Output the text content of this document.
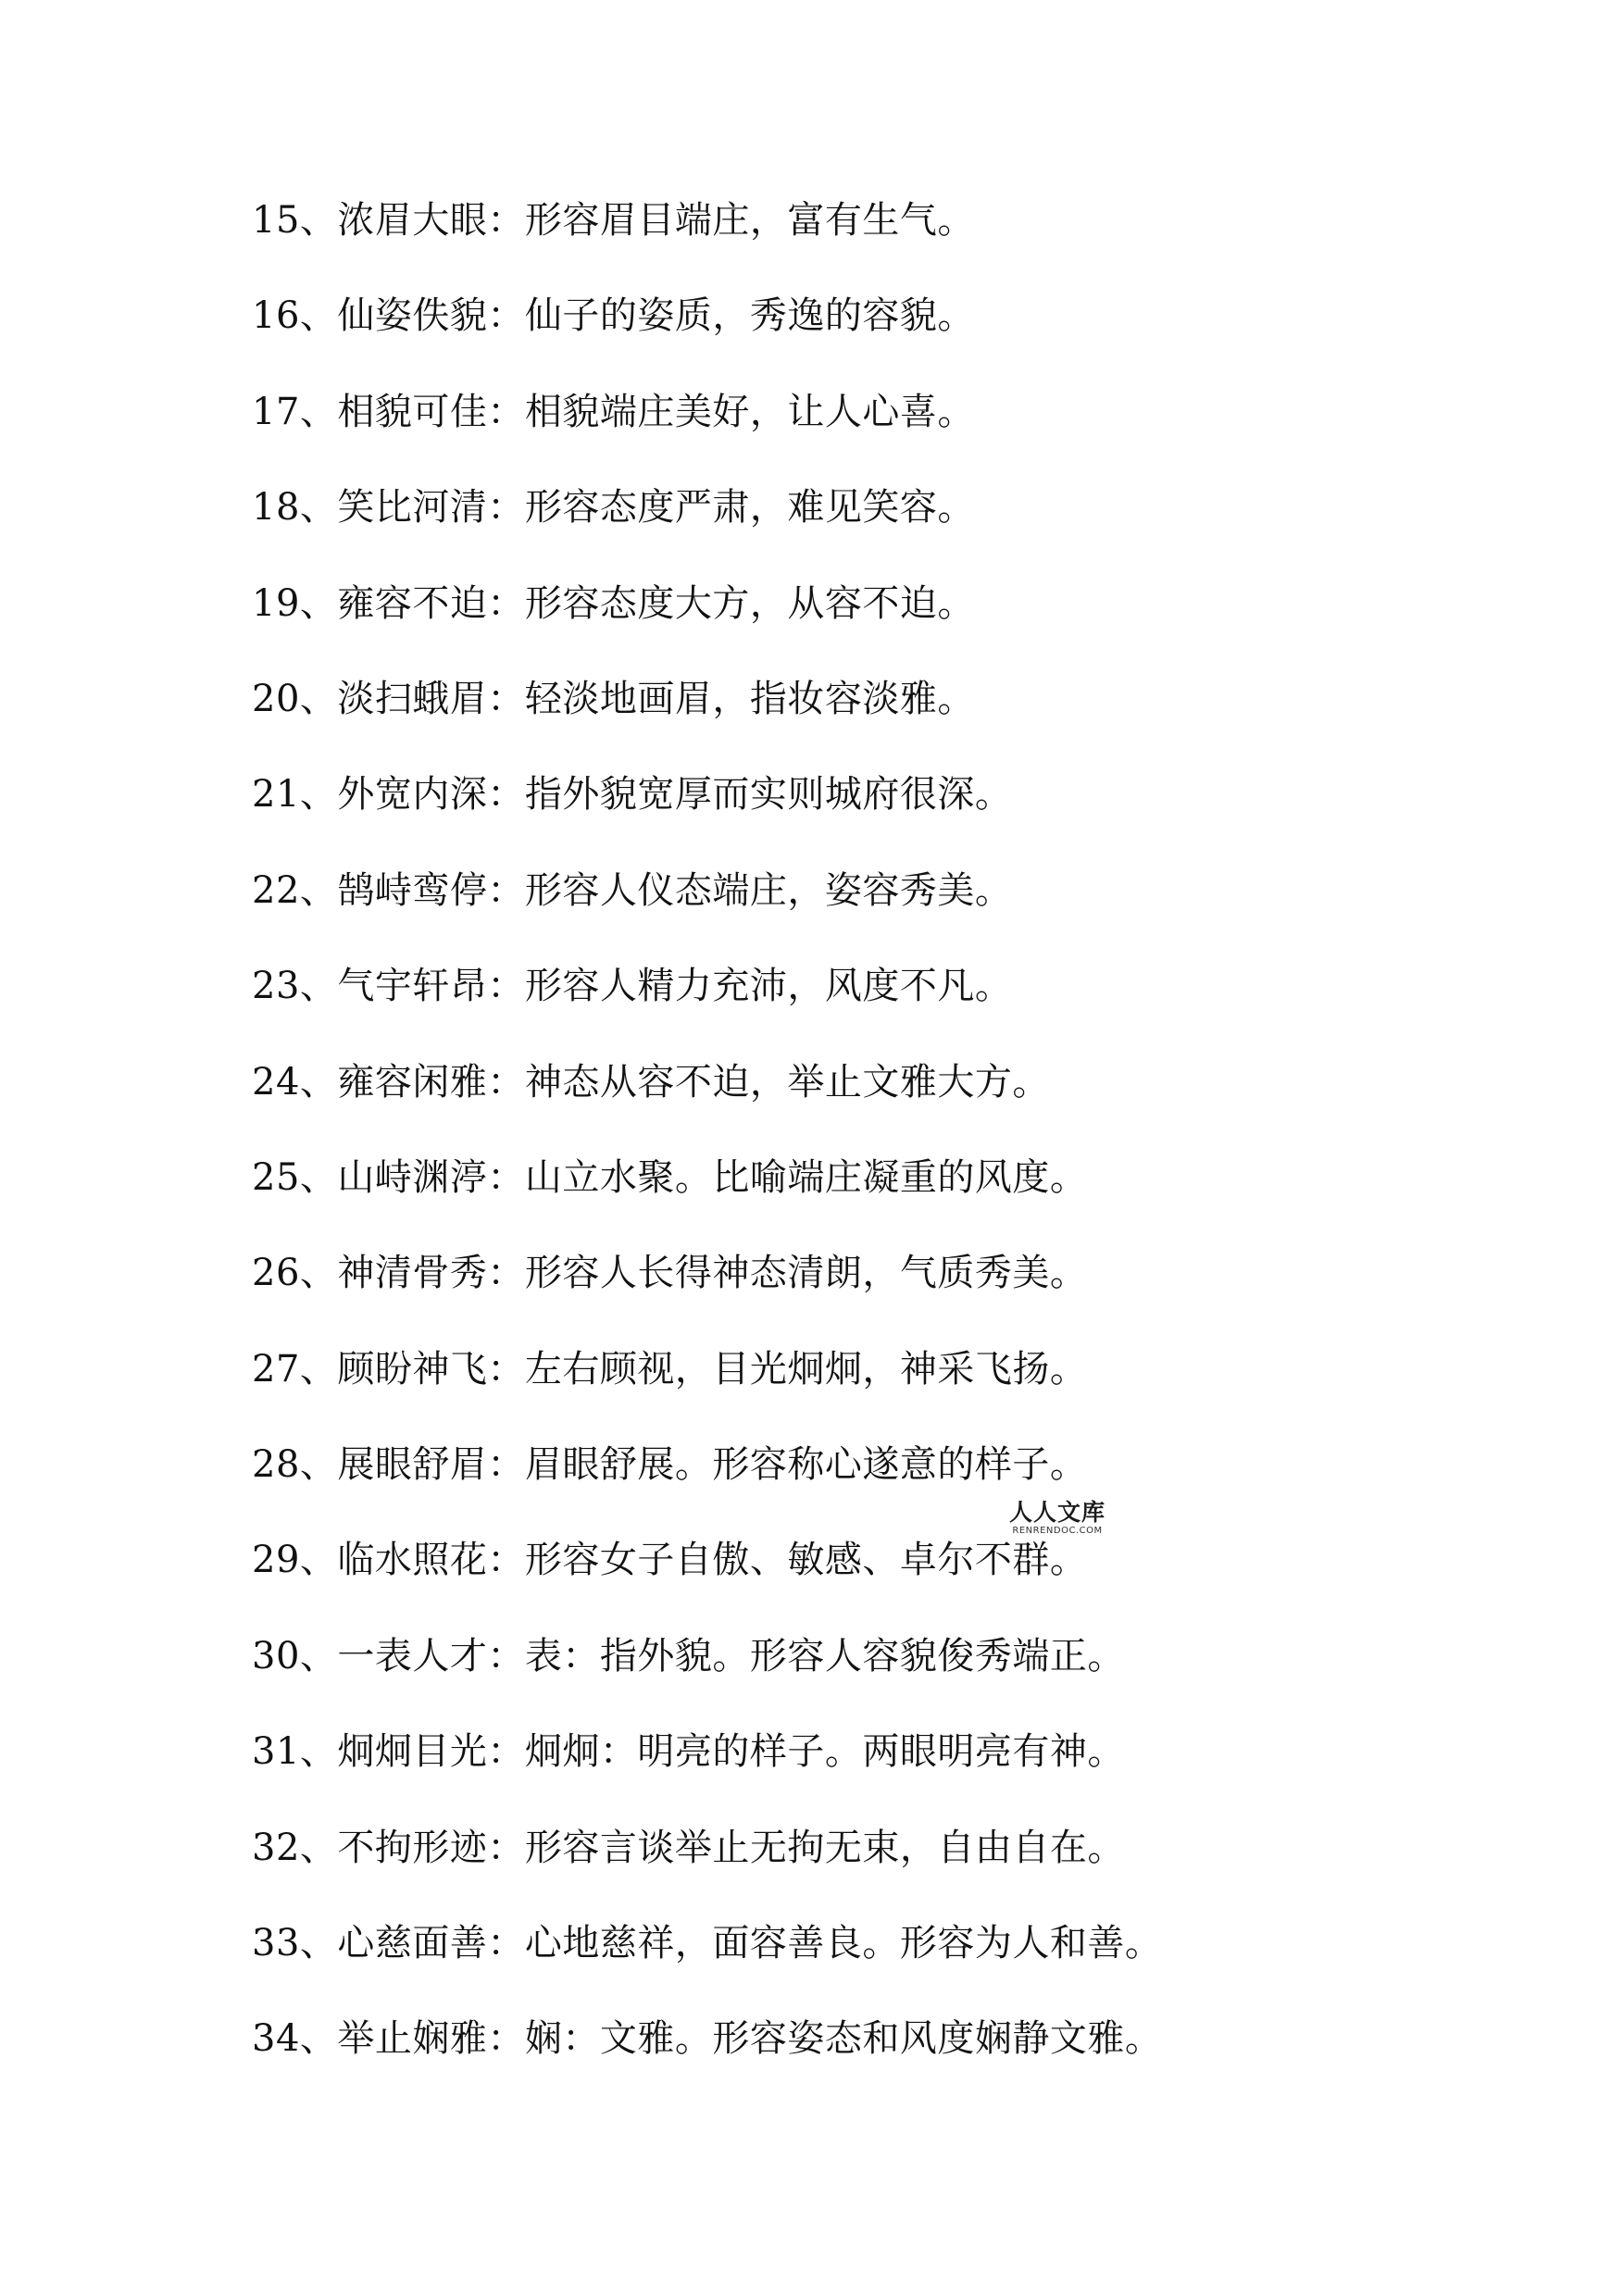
15、浓眉大眼：形容眉目端庄，富有生气。
16、仙姿佚貌：仙子的姿质，秀逸的容貌。
17、相貌可佳：相貌端庄美好，让人心喜。
18、笑比河清：形容态度严肃，难见笑容。
19、雍容不迫：形容态度大方，从容不迫。
20、淡扫蛾眉：轻淡地画眉，指妆容淡雅。
21、外宽内深：指外貌宽厚而实则城府很深。
22、鹄峙鸾停：形容人仪态端庄，姿容秀美。
23、气宇轩昂：形容人精力充沛，风度不凡。
24、雍容闲雅：神态从容不迫，举止文雅大方。
25、山峙渊渟：山立水聚。比喻端庄凝重的风度。
26、神清骨秀：形容人长得神态清朗，气质秀美。
27、顾盼神飞：左右顾视，目光炯炯，神采飞扬。
28、展眼舒眉：眉眼舒展。形容称心遂意的样子。
29、临水照花：形容女子自傲、敏感、卓尔不群。
30、一表人才：表：指外貌。形容人容貌俊秀端正。
31、炯炯目光：炯炯：明亮的样子。两眼明亮有神。
32、不拘形迹：形容言谈举止无拘无束，自由自在。
33、心慈面善：心地慈祥，面容善良。形容为人和善。
34、举止娴雅：娴：文雅。形容姿态和风度娴静文雅。
人人文库
RENRENDOC.COM
